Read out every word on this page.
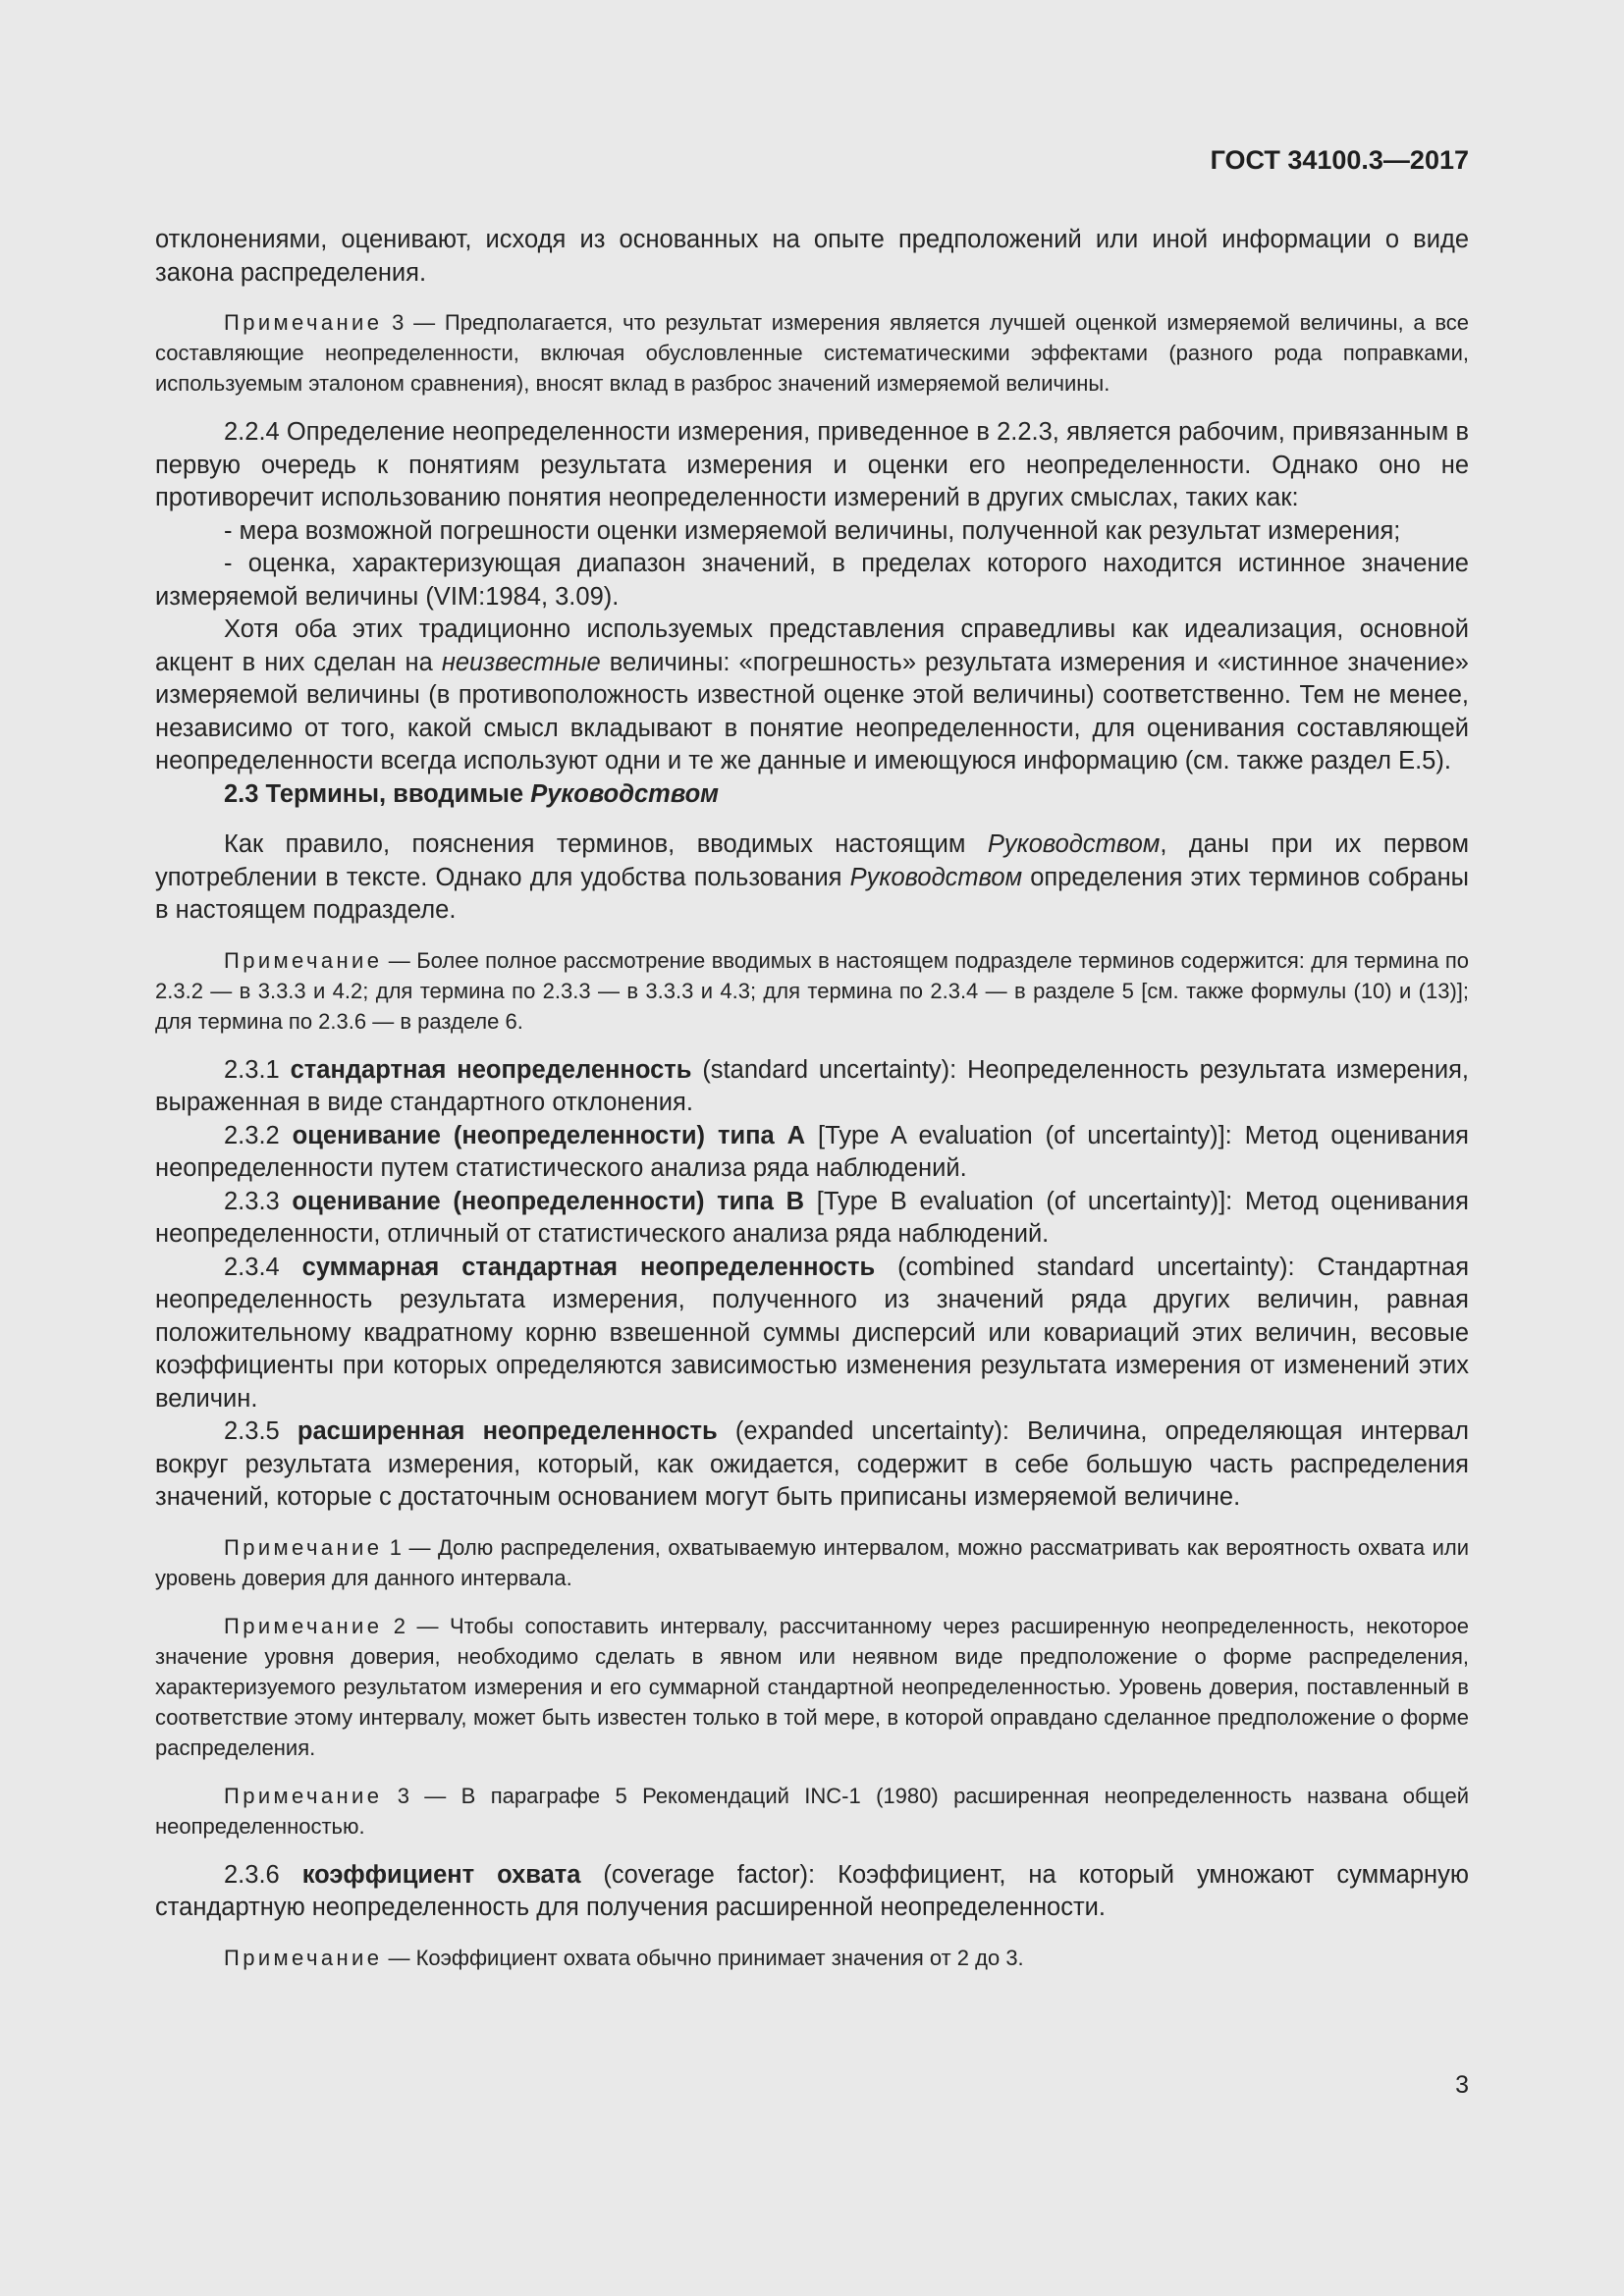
ГОСТ 34100.3—2017

отклонениями, оценивают, исходя из основанных на опыте предположений или иной информации о виде закона распределения.

Примечание 3 — Предполагается, что результат измерения является лучшей оценкой измеряемой величины, а все составляющие неопределенности, включая обусловленные систематическими эффектами (разного рода поправками, используемым эталоном сравнения), вносят вклад в разброс значений измеряемой величины.

2.2.4 Определение неопределенности измерения, приведенное в 2.2.3, является рабочим, привязанным в первую очередь к понятиям результата измерения и оценки его неопределенности. Однако оно не противоречит использованию понятия неопределенности измерений в других смыслах, таких как:

- мера возможной погрешности оценки измеряемой величины, полученной как результат измерения;

- оценка, характеризующая диапазон значений, в пределах которого находится истинное значение измеряемой величины (VIM:1984, 3.09).

Хотя оба этих традиционно используемых представления справедливы как идеализация, основной акцент в них сделан на неизвестные величины: «погрешность» результата измерения и «истинное значение» измеряемой величины (в противоположность известной оценке этой величины) соответственно. Тем не менее, независимо от того, какой смысл вкладывают в понятие неопределенности, для оценивания составляющей неопределенности всегда используют одни и те же данные и имеющуюся информацию (см. также раздел Е.5).

2.3 Термины, вводимые Руководством

Как правило, пояснения терминов, вводимых настоящим Руководством, даны при их первом употреблении в тексте. Однако для удобства пользования Руководством определения этих терминов собраны в настоящем подразделе.

Примечание — Более полное рассмотрение вводимых в настоящем подразделе терминов содержится: для термина по 2.3.2 — в 3.3.3 и 4.2; для термина по 2.3.3 — в 3.3.3 и 4.3; для термина по 2.3.4 — в разделе 5 [см. также формулы (10) и (13)]; для термина по 2.3.6 — в разделе 6.

2.3.1 стандартная неопределенность (standard uncertainty): Неопределенность результата измерения, выраженная в виде стандартного отклонения.

2.3.2 оценивание (неопределенности) типа А [Type A evaluation (of uncertainty)]: Метод оценивания неопределенности путем статистического анализа ряда наблюдений.

2.3.3 оценивание (неопределенности) типа В [Type B evaluation (of uncertainty)]: Метод оценивания неопределенности, отличный от статистического анализа ряда наблюдений.

2.3.4 суммарная стандартная неопределенность (combined standard uncertainty): Стандартная неопределенность результата измерения, полученного из значений ряда других величин, равная положительному квадратному корню взвешенной суммы дисперсий или ковариаций этих величин, весовые коэффициенты при которых определяются зависимостью изменения результата измерения от изменений этих величин.

2.3.5 расширенная неопределенность (expanded uncertainty): Величина, определяющая интервал вокруг результата измерения, который, как ожидается, содержит в себе большую часть распределения значений, которые с достаточным основанием могут быть приписаны измеряемой величине.

Примечание 1 — Долю распределения, охватываемую интервалом, можно рассматривать как вероятность охвата или уровень доверия для данного интервала.

Примечание 2 — Чтобы сопоставить интервалу, рассчитанному через расширенную неопределенность, некоторое значение уровня доверия, необходимо сделать в явном или неявном виде предположение о форме распределения, характеризуемого результатом измерения и его суммарной стандартной неопределенностью. Уровень доверия, поставленный в соответствие этому интервалу, может быть известен только в той мере, в которой оправдано сделанное предположение о форме распределения.

Примечание 3 — В параграфе 5 Рекомендаций INC-1 (1980) расширенная неопределенность названа общей неопределенностью.

2.3.6 коэффициент охвата (coverage factor): Коэффициент, на который умножают суммарную стандартную неопределенность для получения расширенной неопределенности.

Примечание — Коэффициент охвата обычно принимает значения от 2 до 3.

3
